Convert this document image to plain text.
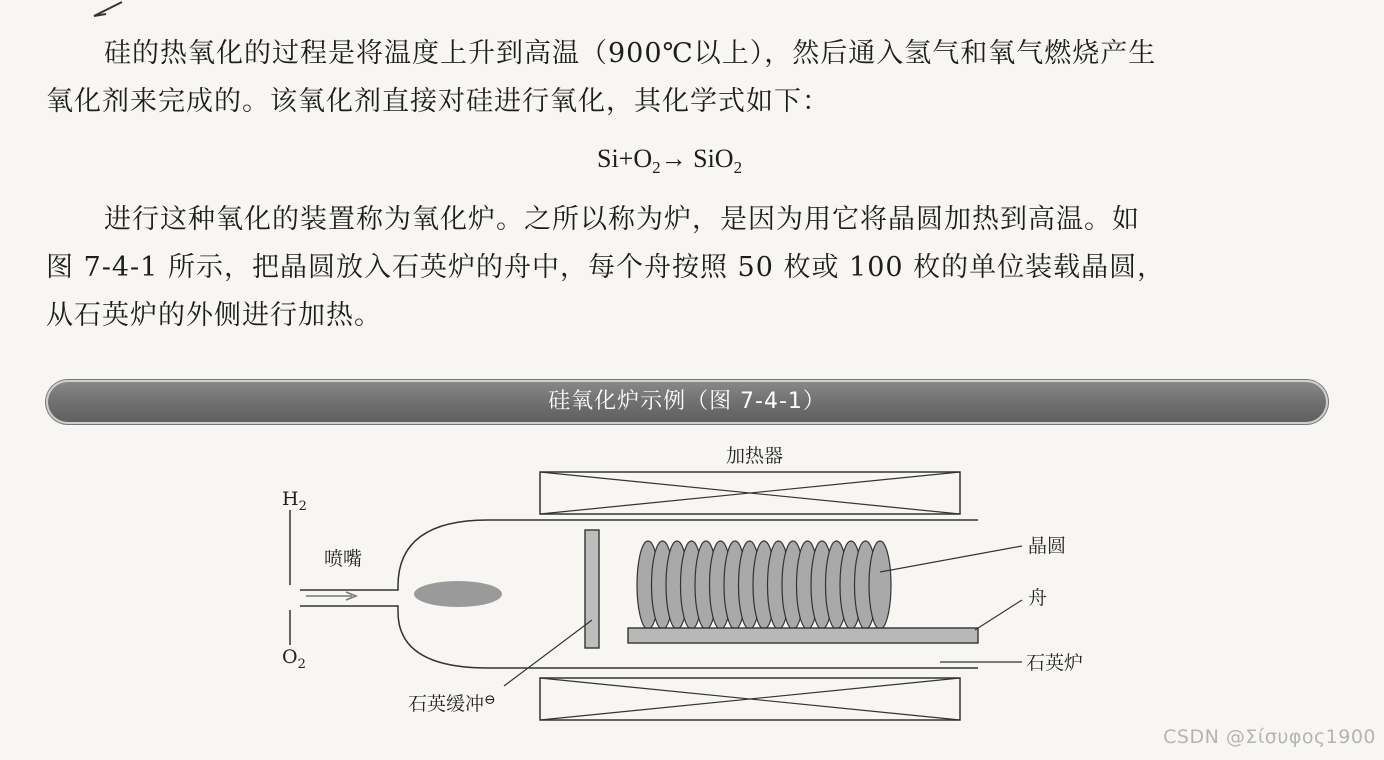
硅的热氧化的过程是将温度上升到高温（900℃以上），然后通入氢气和氧气燃烧产生
氧化剂来完成的。该氧化剂直接对硅进行氧化，其化学式如下：
$Si+O_2\to SiO_2$
进行这种氧化的装置称为氧化炉。之所以称为炉，是因为用它将晶圆加热到高温。如
图 7-4-1 所示，把晶圆放入石英炉的舟中，每个舟按照 50 枚或 100 枚的单位装载晶圆，
从石英炉的外侧进行加热。
硅氧化炉示例（图 7-4-1）
加热器
$H_2$
喷嘴
$O_2$
晶圆
舟
石英炉
石英缓冲⊖
CSDN @Σίσυφος1900
